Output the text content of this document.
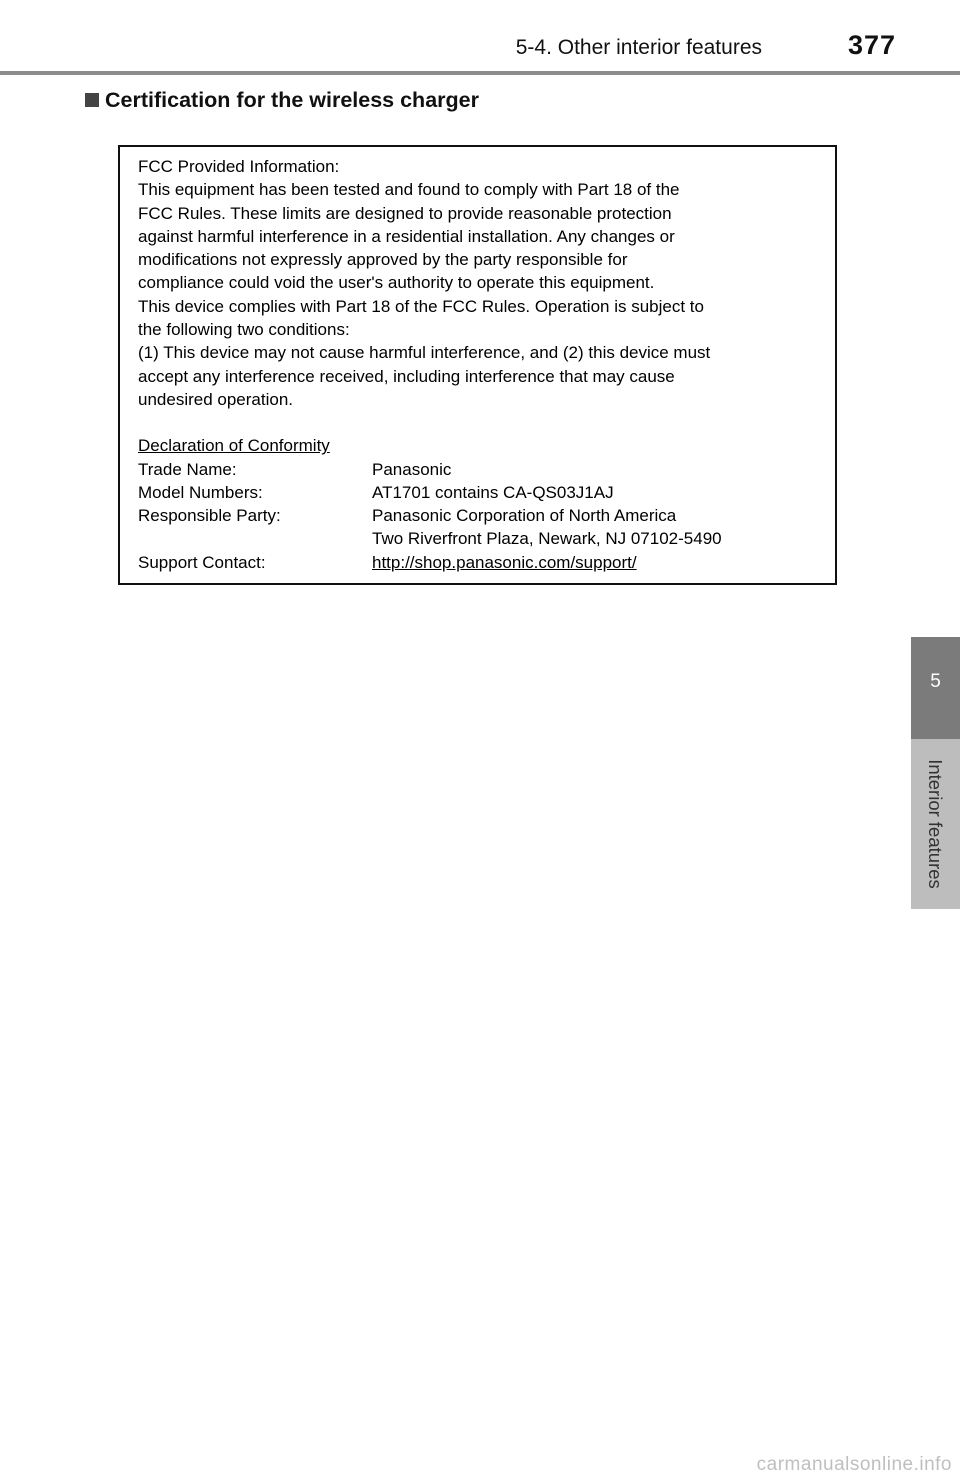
5-4. Other interior features	377
Certification for the wireless charger
FCC Provided Information:
This equipment has been tested and found to comply with Part 18 of the
FCC Rules. These limits are designed to provide reasonable protection
against harmful interference in a residential installation. Any changes or
modifications not expressly approved by the party responsible for
compliance could void the user's authority to operate this equipment.
This device complies with Part 18 of the FCC Rules. Operation is subject to
the following two conditions:
(1) This device may not cause harmful interference, and (2) this device must
accept any interference received, including interference that may cause
undesired operation.
Declaration of Conformity
Trade Name:	Panasonic
Model Numbers:	AT1701 contains CA-QS03J1AJ
Responsible Party:	Panasonic Corporation of North America
Two Riverfront Plaza, Newark, NJ 07102-5490
Support Contact:	http://shop.panasonic.com/support/
5
Interior features
carmanualsonline.info
